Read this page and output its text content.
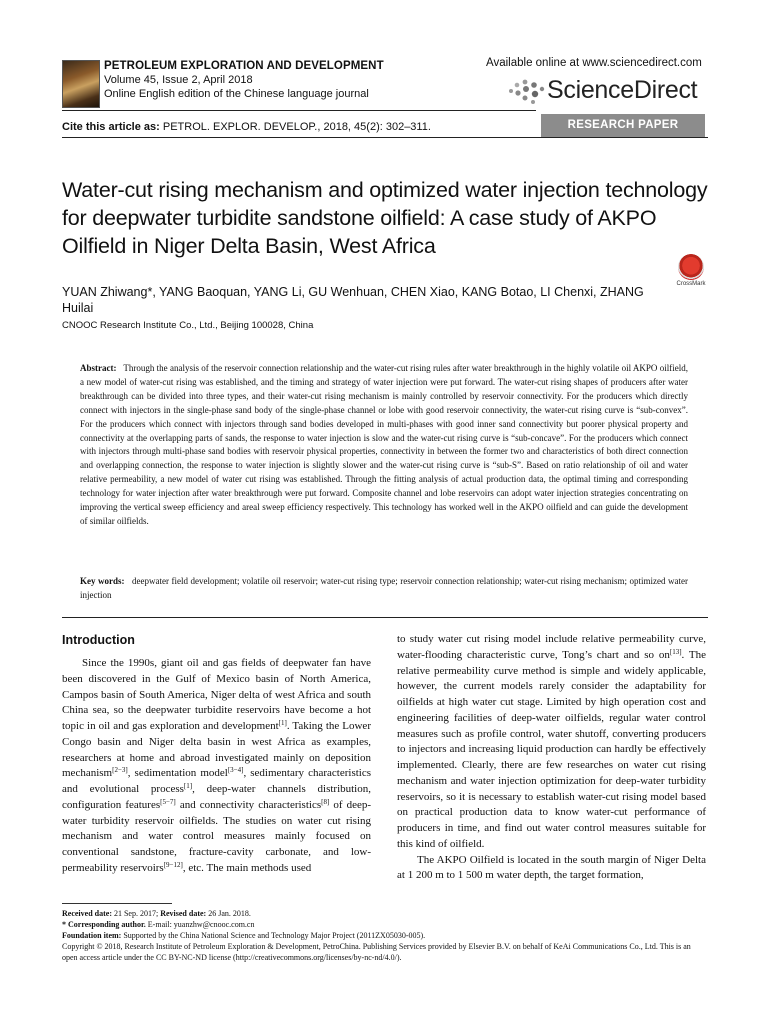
PETROLEUM EXPLORATION AND DEVELOPMENT
Volume 45, Issue 2, April 2018
Online English edition of the Chinese language journal
Available online at www.sciencedirect.com
ScienceDirect
Cite this article as: PETROL. EXPLOR. DEVELOP., 2018, 45(2): 302–311.	RESEARCH PAPER
Water-cut rising mechanism and optimized water injection technology for deepwater turbidite sandstone oilfield: A case study of AKPO Oilfield in Niger Delta Basin, West Africa
CrossMark
YUAN Zhiwang*, YANG Baoquan, YANG Li, GU Wenhuan, CHEN Xiao, KANG Botao, LI Chenxi, ZHANG Huilai
CNOOC Research Institute Co., Ltd., Beijing 100028, China
Abstract: Through the analysis of the reservoir connection relationship and the water-cut rising rules after water breakthrough in the highly volatile oil AKPO oilfield, a new model of water-cut rising was established, and the timing and strategy of water injection were put forward. The water-cut rising shapes of producers after water breakthrough can be divided into three types, and their water-cut rising mechanism is mainly controlled by reservoir connectivity. For the producers which directly connect with injectors in the single-phase sand body of the single-phase channel or lobe with good reservoir connectivity, the water-cut rising curve is “sub-convex”. For the producers which connect with injectors through sand bodies developed in multi-phases with good inner sand connectivity but poorer physical property and connectivity at the overlapping parts of sands, the response to water injection is slow and the water-cut rising curve is “sub-concave”. For the producers which connect with injectors through multi-phase sand bodies with reservoir physical properties, connectivity in between the former two and characteristics of both direct connection and overlapping connection, the response to water injection is slightly slower and the water-cut rising curve is “sub-S”. Based on ratio relationship of oil and water relative permeability, a new model of water cut rising was established. Through the fitting analysis of actual production data, the optimal timing and corresponding technology for water injection after water breakthrough were put forward. Composite channel and lobe reservoirs can adopt water injection strategies concentrating on improving the vertical sweep efficiency and areal sweep efficiency respectively. This technology has worked well in the AKPO oilfield and can guide the development of similar oilfields.
Key words: deepwater field development; volatile oil reservoir; water-cut rising type; reservoir connection relationship; water-cut rising mechanism; optimized water injection
Introduction

Since the 1990s, giant oil and gas fields of deepwater fan have been discovered in the Gulf of Mexico basin of North America, Campos basin of South America, Niger delta of west Africa and south China sea, so the deepwater turbidite reservoirs have become a hot topic in oil and gas exploration and development[1]. Taking the Lower Congo basin and Niger delta basin in west Africa as examples, researchers at home and abroad investigated mainly on deposition mechanism[2−3], sedimentation model[3−4], sedimentary characteristics and evolutional process[1], deep-water channels distribution, configuration features[5−7] and connectivity characteristics[8] of deep-water turbidity reservoir oilfields. The studies on water cut rising mechanism and water control measures mainly focused on conventional sandstone, fracture-cavity carbonate, and low-permeability reservoirs[9−12], etc. The main methods used

to study water cut rising model include relative permeability curve, water-flooding characteristic curve, Tong’s chart and so on[13]. The relative permeability curve method is simple and widely applicable, however, the current models rarely consider the adaptability for oilfields at high water cut stage. Limited by high operation cost and engineering facilities of deep-water oilfields, regular water control measures such as profile control, water shutoff, converting producers to injectors and increasing liquid production can hardly be effectively implemented. Clearly, there are few researches on water cut rising mechanism and water injection optimization for deep-water turbidity reservoirs, so it is necessary to establish water-cut rising model based on practical production data to know water-cut performance of producers in time, and find out water control measures suitable for this kind of oilfield.

The AKPO Oilfield is located in the south margin of Niger Delta at 1 200 m to 1 500 m water depth, the target formation,

Received date: 21 Sep. 2017; Revised date: 26 Jan. 2018.
* Corresponding author. E-mail: yuanzhw@cnooc.com.cn
Foundation item: Supported by the China National Science and Technology Major Project (2011ZX05030-005).
Copyright © 2018, Research Institute of Petroleum Exploration & Development, PetroChina. Publishing Services provided by Elsevier B.V. on behalf of KeAi Communications Co., Ltd. This is an open access article under the CC BY-NC-ND license (http://creativecommons.org/licenses/by-nc-nd/4.0/).
